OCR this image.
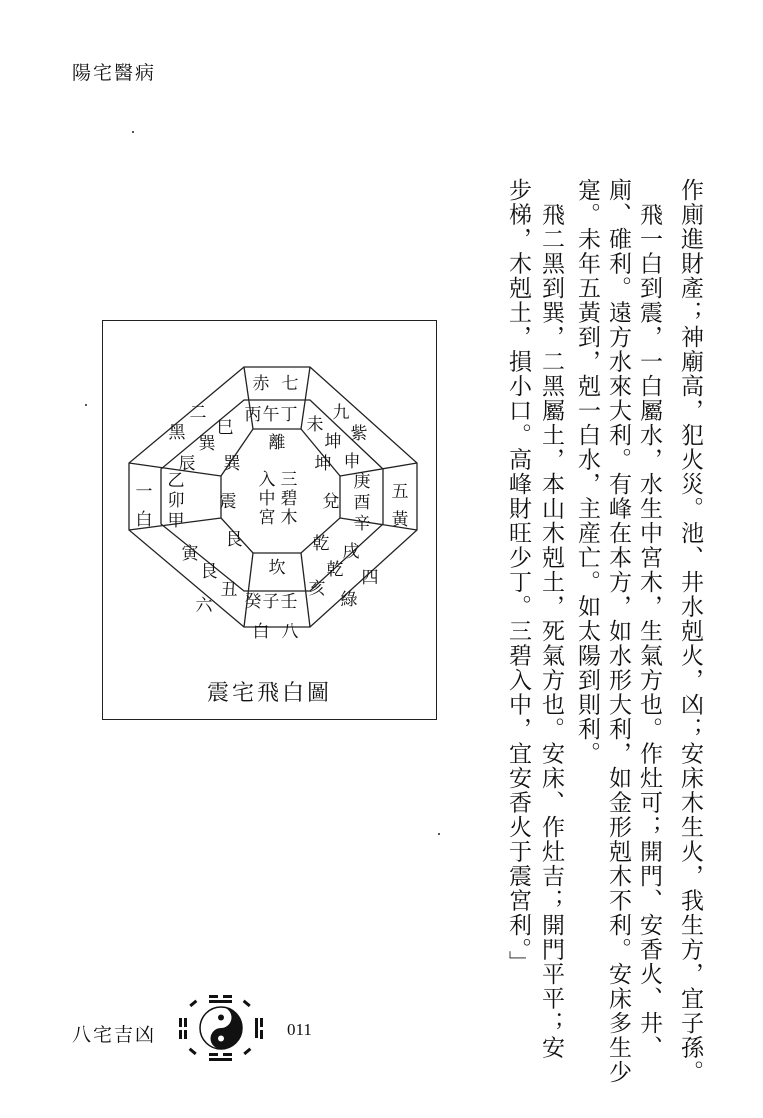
陽宅醫病
作廁進財產；神廟高，犯火災。池、井水剋火，凶；安床木生火，我生方，宜子孫。
　飛一白到震，一白屬水，水生中宮木，生氣方也。作灶可；開門、安香火、井、
廁、碓利。遠方水來大利。有峰在本方，如水形大利，如金形剋木不利。安床多生少
寔。未年五黃到，剋一白水，主産亡。如太陽到則利。
　飛二黑到巽，二黑屬土，本山木剋土，死氣方也。安床、作灶吉；開門平平；安
步梯，木剋土，損小口。高峰財旺少丁。三碧入中，宜安香火于震宮利。」
赤 七
九
紫
五
黃
四
綠
白 八
六
一
白
二
黑
丙 午 丁 未
坤
申
庚
酉
辛
戌
乾
亥
癸 子 壬
寅
艮
丑
乙
卯
甲
巳
巽
辰
離
坤
兌
乾
坎
艮
震
巽
三
碧
木
入
中
宮
震宅飛白圖
八宅吉凶	011
